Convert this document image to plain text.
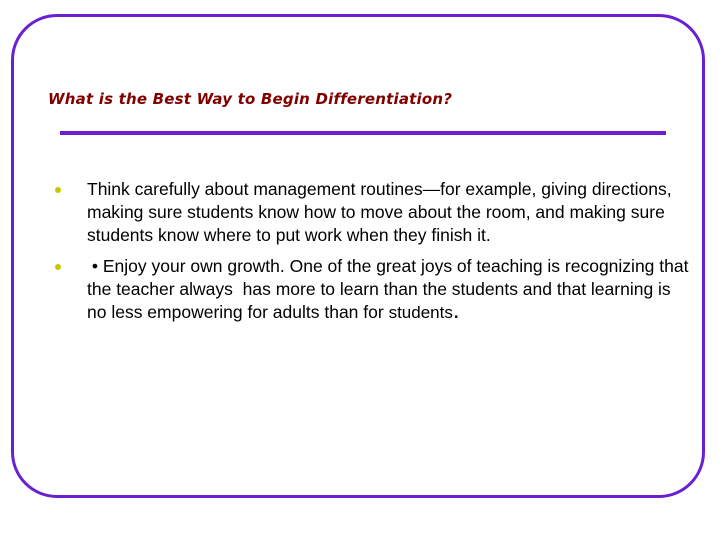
What is the Best Way to Begin Differentiation?
Think carefully about management routines—for example, giving directions, making sure students know how to move about the room, and making sure students know where to put work when they finish it.
• Enjoy your own growth. One of the great joys of teaching is recognizing that the teacher always  has more to learn than the students and that learning is no less empowering for adults than for students.
